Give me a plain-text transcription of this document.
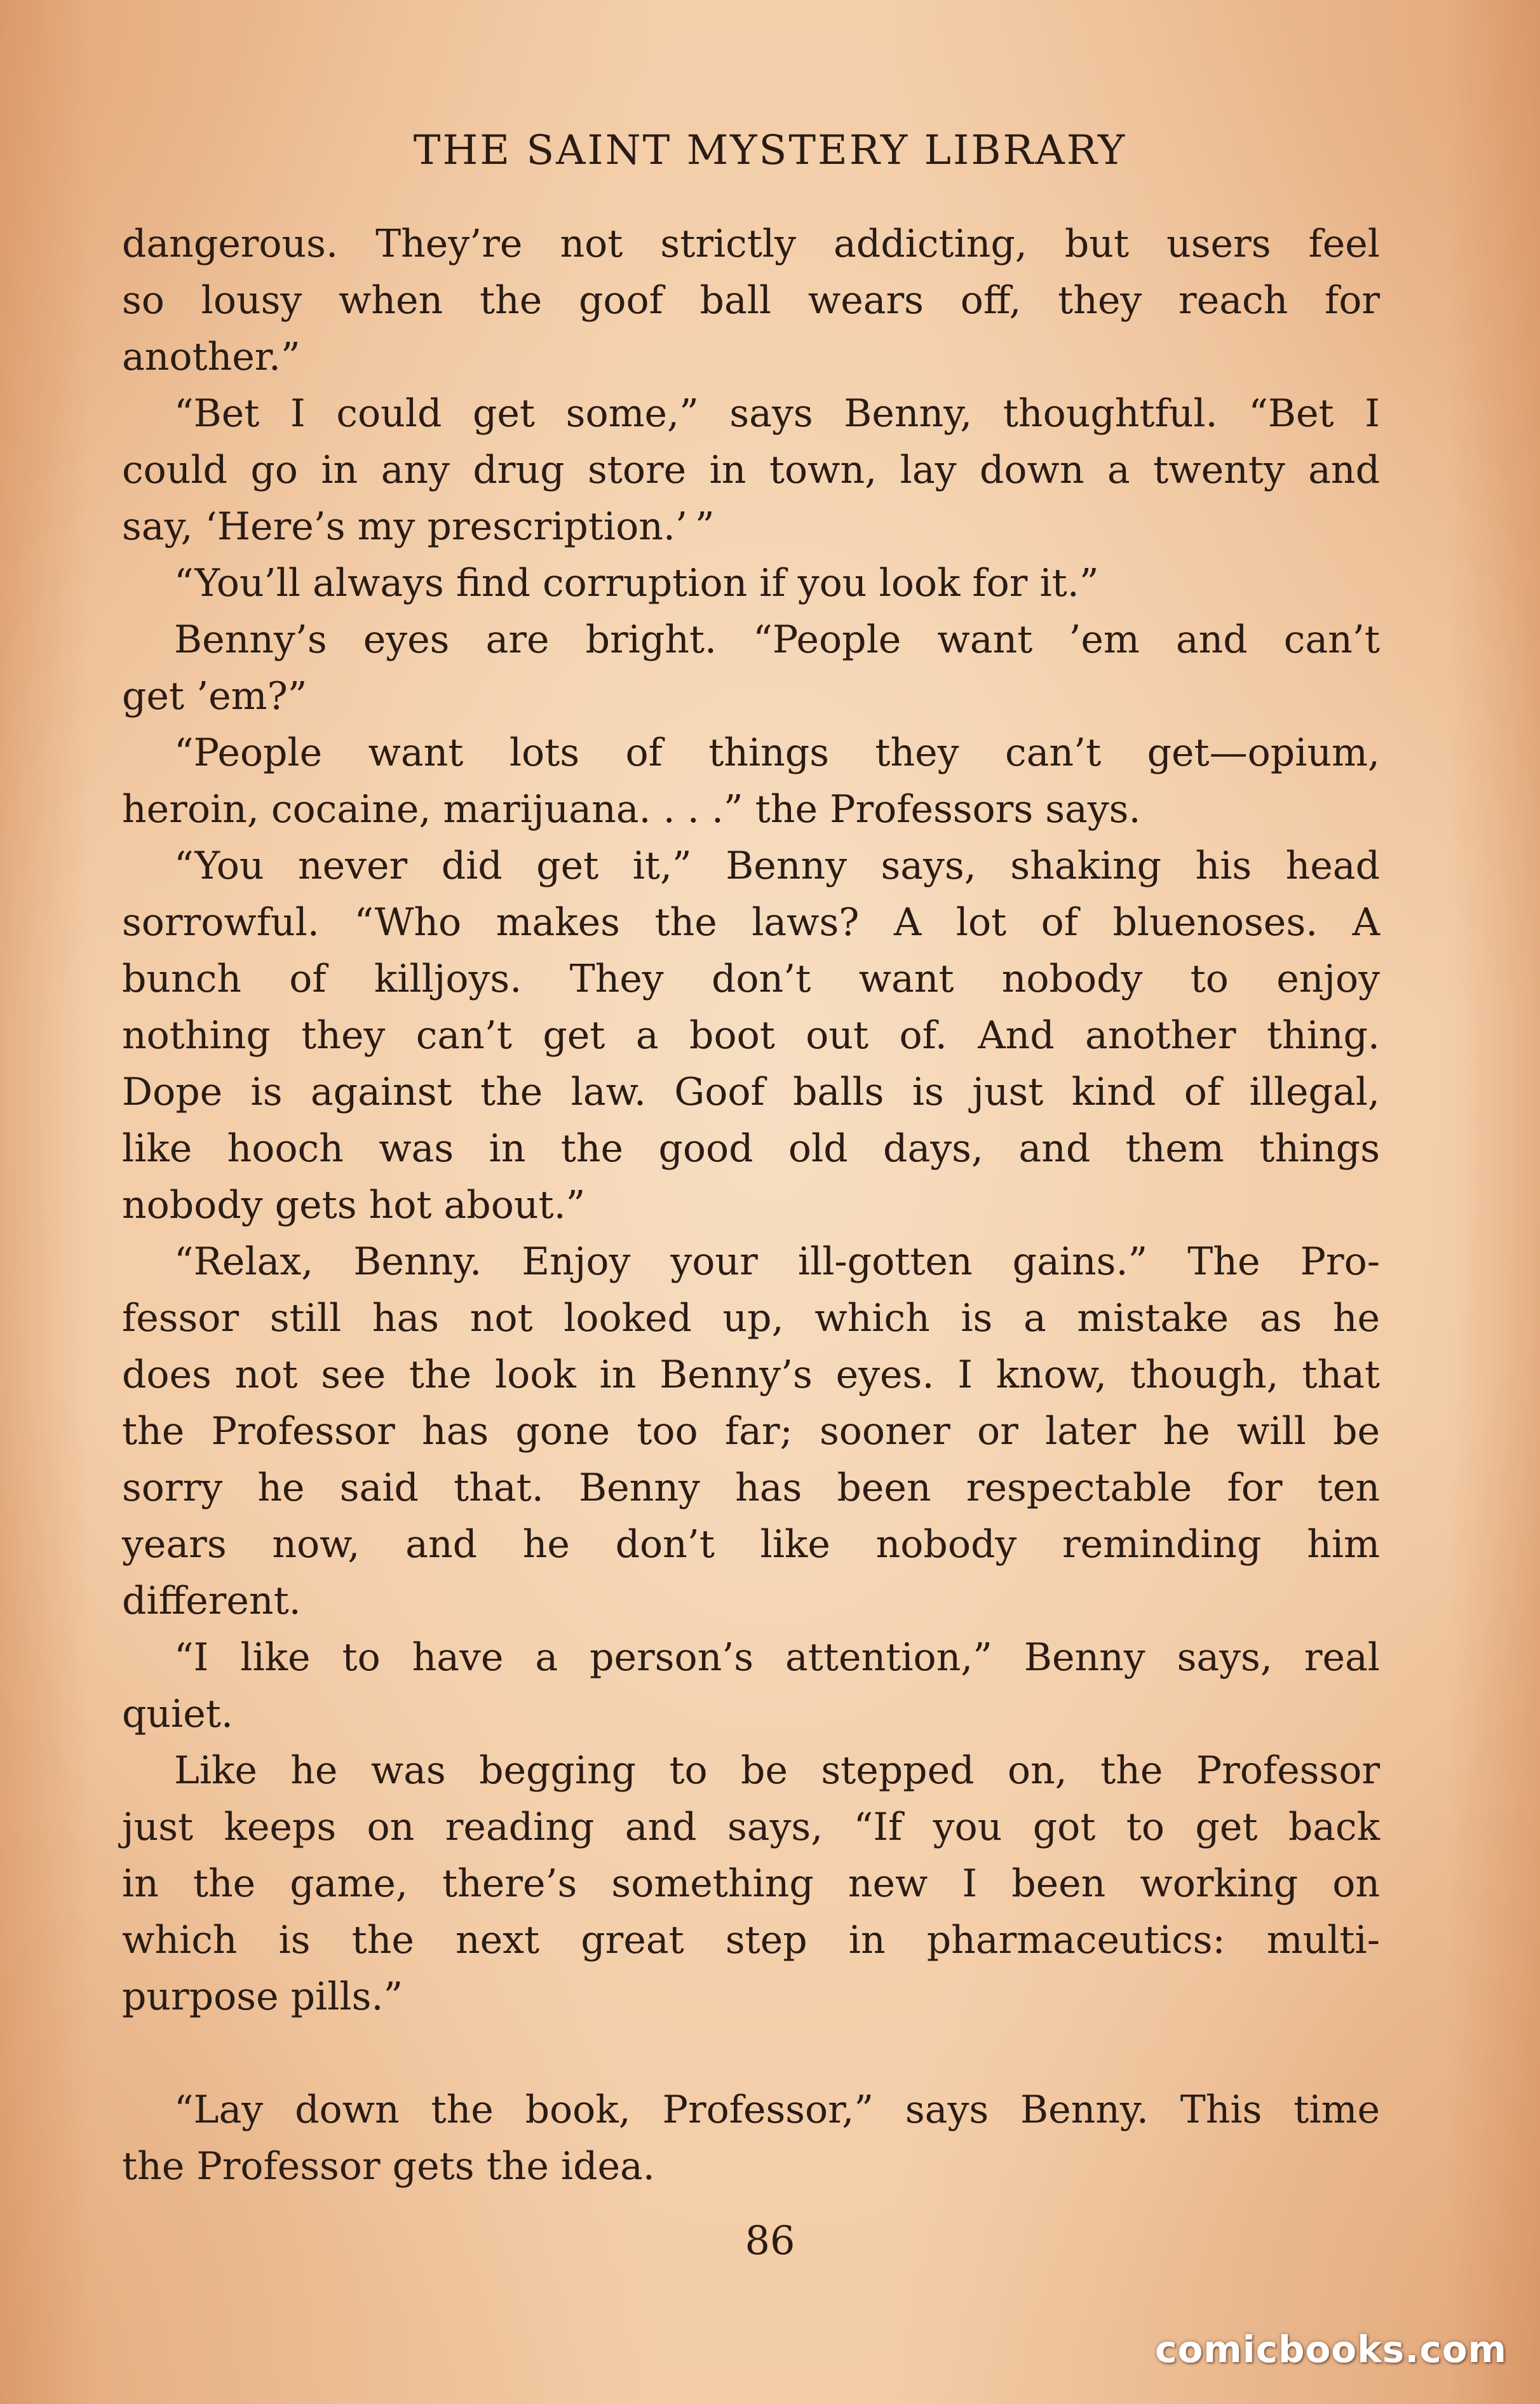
THE SAINT MYSTERY LIBRARY
dangerous. They’re not strictly addicting, but users feel
so lousy when the goof ball wears off, they reach for
another.”
“Bet I could get some,” says Benny, thoughtful. “Bet I
could go in any drug store in town, lay down a twenty and
say, ‘Here’s my prescription.’ ”
“You’ll always find corruption if you look for it.”
Benny’s eyes are bright. “People want ’em and can’t
get ’em?”
“People want lots of things they can’t get—opium,
heroin, cocaine, marijuana. . . .” the Professors says.
“You never did get it,” Benny says, shaking his head
sorrowful. “Who makes the laws? A lot of bluenoses. A
bunch of killjoys. They don’t want nobody to enjoy
nothing they can’t get a boot out of. And another thing.
Dope is against the law. Goof balls is just kind of illegal,
like hooch was in the good old days, and them things
nobody gets hot about.”
“Relax, Benny. Enjoy your ill-gotten gains.” The Pro-
fessor still has not looked up, which is a mistake as he
does not see the look in Benny’s eyes. I know, though, that
the Professor has gone too far; sooner or later he will be
sorry he said that. Benny has been respectable for ten
years now, and he don’t like nobody reminding him
different.
“I like to have a person’s attention,” Benny says, real
quiet.
Like he was begging to be stepped on, the Professor
just keeps on reading and says, “If you got to get back
in the game, there’s something new I been working on
which is the next great step in pharmaceutics: multi-
purpose pills.”
“Lay down the book, Professor,” says Benny. This time
the Professor gets the idea.
86
comicbooks.com
